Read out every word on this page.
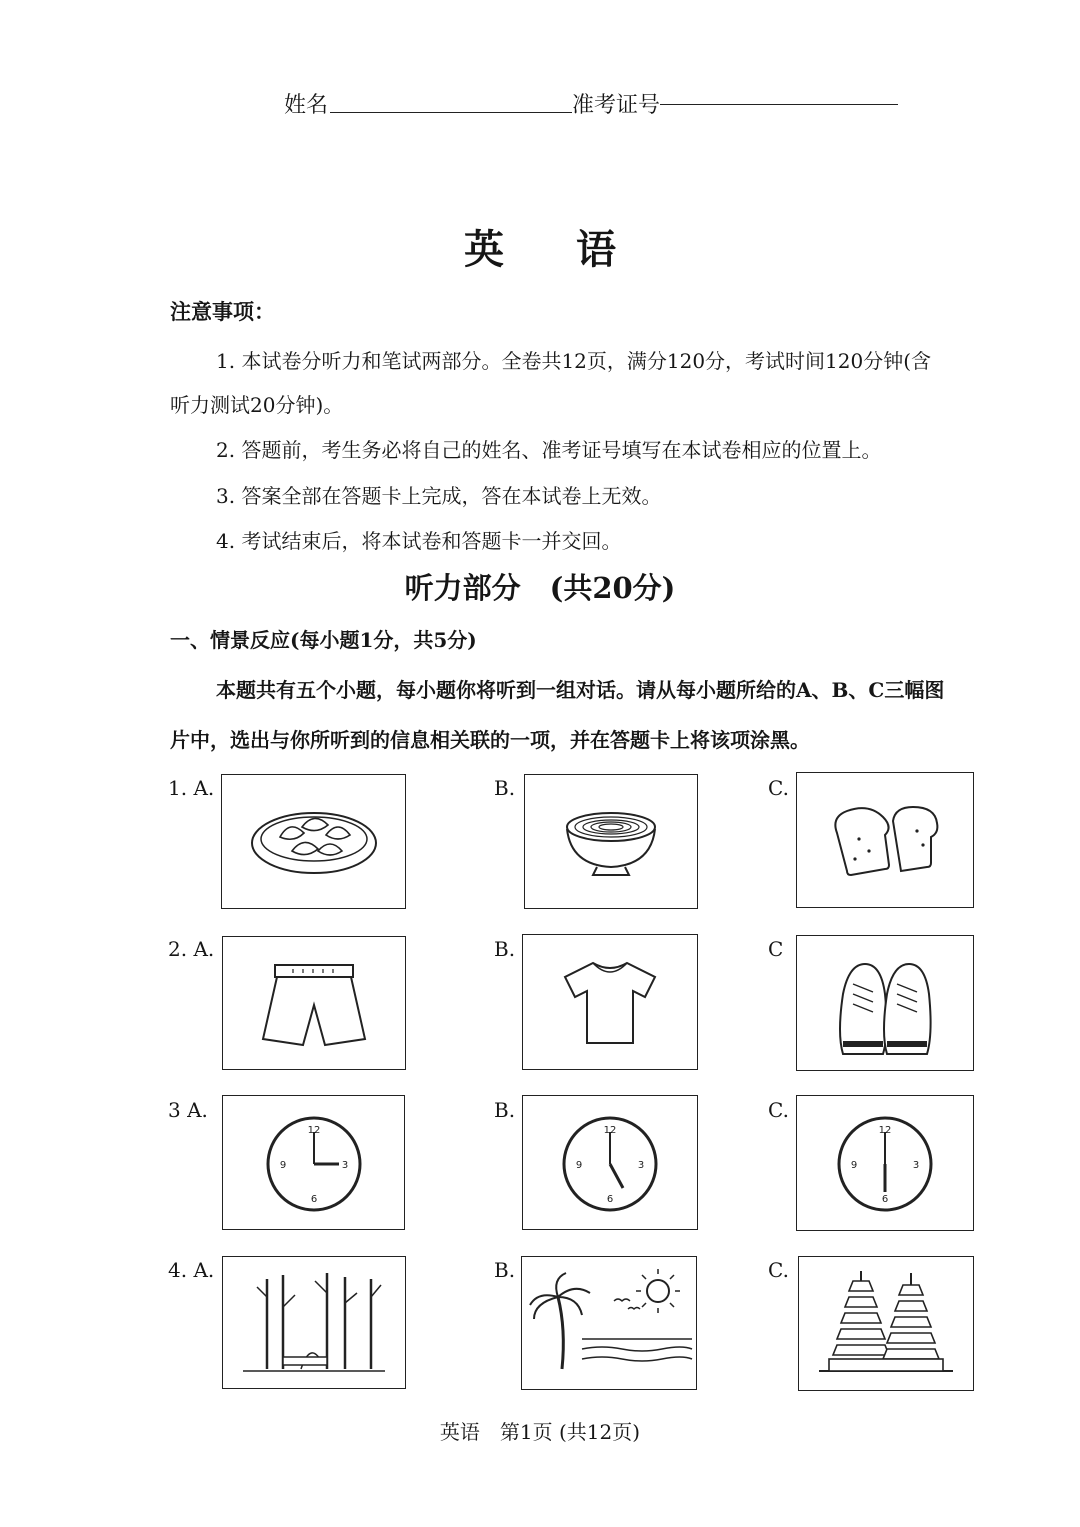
姓名	准考证号
英语
注意事项：
1. 本试卷分听力和笔试两部分。全卷共12页，满分120分，考试时间120分钟(含
听力测试20分钟)。
2. 答题前，考生务必将自己的姓名、准考证号填写在本试卷相应的位置上。
3. 答案全部在答题卡上完成，答在本试卷上无效。
4. 考试结束后，将本试卷和答题卡一并交回。
听力部分　(共20分)
一、情景反应(每小题1分，共5分)
本题共有五个小题，每小题你将听到一组对话。请从每小题所给的A、B、C三幅图
片中，选出与你所听到的信息相关联的一项，并在答题卡上将该项涂黑。
1. A.	B.	C.
2. A.	B.	C
3 A.	B.	C.
12
3
6
9
12
3
6
9
12
3
6
9
4. A.	B.	C.
英语　第1页 (共12页)
